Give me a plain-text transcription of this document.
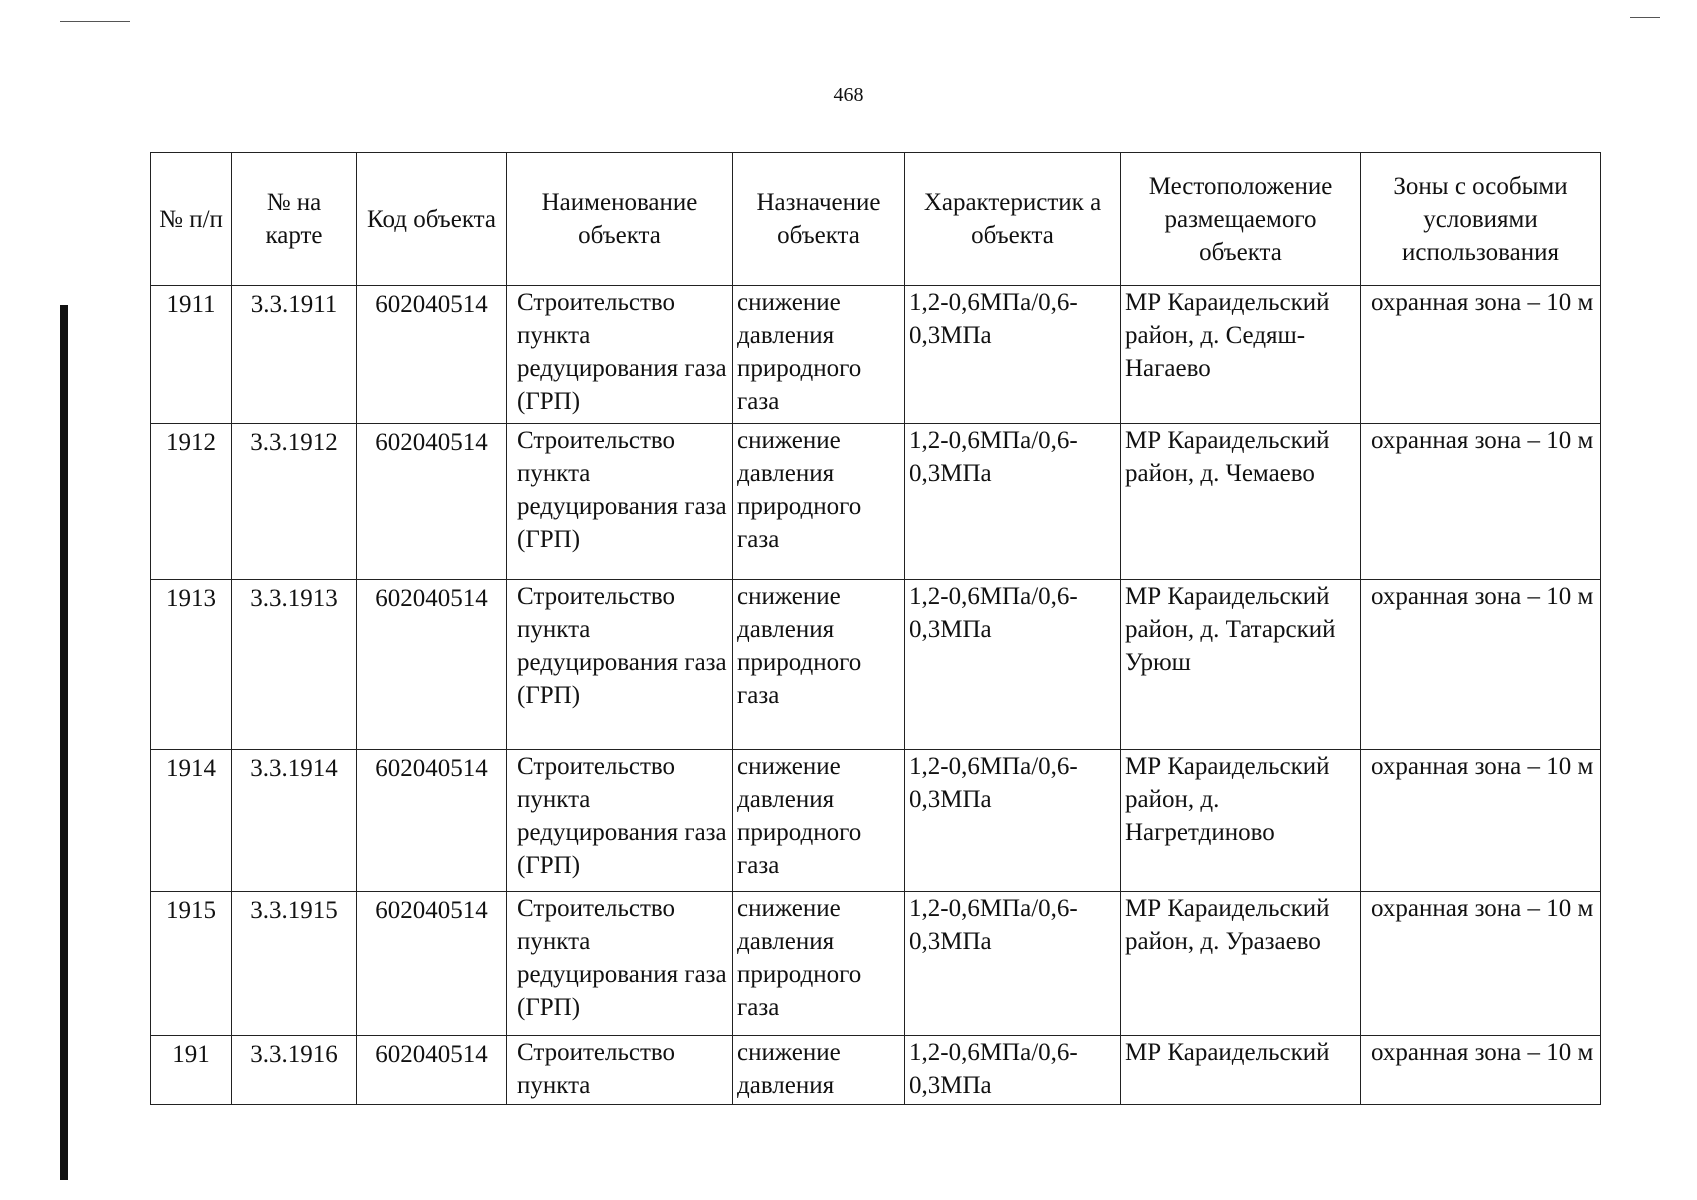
468
№ п/п	№ на карте	Код объекта	Наименование объекта	Назначение объекта	Характеристик а объекта	Местоположение размещаемого объекта	Зоны с особыми условиями использования
1911	3.3.1911	602040514	Строительство пункта редуцирования газа (ГРП)	снижение давления природного газа	1,2-0,6МПа/0,6-0,3МПа	МР Караидельский район, д. Седяш-Нагаево	охранная зона – 10 м
1912	3.3.1912	602040514	Строительство пункта редуцирования газа (ГРП)	снижение давления природного газа	1,2-0,6МПа/0,6-0,3МПа	МР Караидельский район, д. Чемаево	охранная зона – 10 м
1913	3.3.1913	602040514	Строительство пункта редуцирования газа (ГРП)	снижение давления природного газа	1,2-0,6МПа/0,6-0,3МПа	МР Караидельский район, д. Татарский Урюш	охранная зона – 10 м
1914	3.3.1914	602040514	Строительство пункта редуцирования газа (ГРП)	снижение давления природного газа	1,2-0,6МПа/0,6-0,3МПа	МР Караидельский район, д. Нагретдиново	охранная зона – 10 м
1915	3.3.1915	602040514	Строительство пункта редуцирования газа (ГРП)	снижение давления природного газа	1,2-0,6МПа/0,6-0,3МПа	МР Караидельский район, д. Уразаево	охранная зона – 10 м
191	3.3.1916	602040514	Строительство пункта	снижение давления	1,2-0,6МПа/0,6-0,3МПа	МР Караидельский	охранная зона – 10 м
